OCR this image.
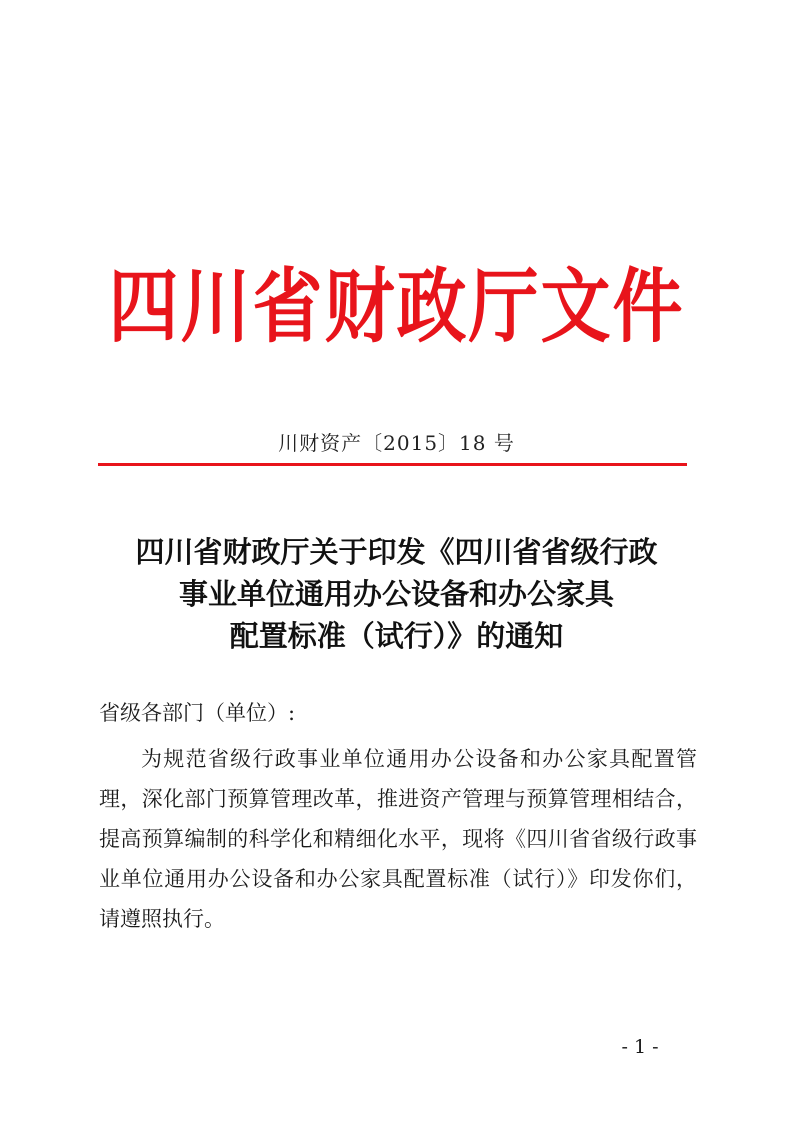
四川省财政厅文件
川财资产〔2015〕18 号
四川省财政厅关于印发《四川省省级行政
事业单位通用办公设备和办公家具
配置标准（试行）》的通知
省级各部门（单位）:
为规范省级行政事业单位通用办公设备和办公家具配置管理，深化部门预算管理改革，推进资产管理与预算管理相结合，提高预算编制的科学化和精细化水平，现将《四川省省级行政事业单位通用办公设备和办公家具配置标准（试行）》印发你们，请遵照执行。
- 1 -
